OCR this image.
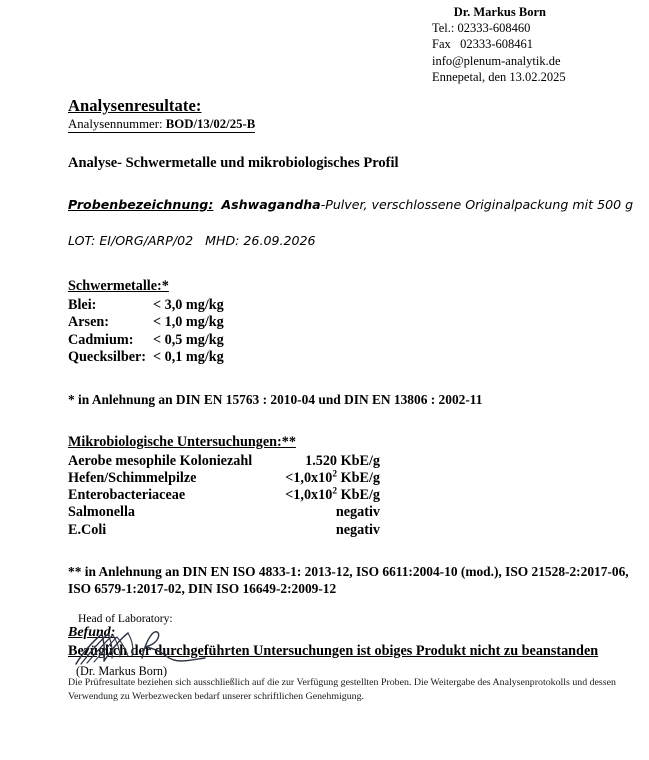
Dr. Markus Born
Tel.: 02333-608460
Fax   02333-608461
info@plenum-analytik.de
Ennepetal, den 13.02.2025
Analysenresultate:
Analysennummer: BOD/13/02/25-B
Analyse- Schwermetalle und mikrobiologisches Profil
Probenbezeichnung: Ashwagandha-Pulver, verschlossene Originalpackung mit 500 g
LOT: EI/ORG/ARP/02   MHD: 26.09.2026
Schwermetalle:*
Blei:	< 3,0 mg/kg
Arsen:	< 1,0 mg/kg
Cadmium:	< 0,5 mg/kg
Quecksilber:	< 0,1 mg/kg
* in Anlehnung an DIN EN 15763 : 2010-04 und DIN EN 13806 : 2002-11
Mikrobiologische Untersuchungen:**
Aerobe mesophile Koloniezahl	1.520 KbE/g
Hefen/Schimmelpilze	$<1,0x10^2$ KbE/g
Enterobacteriaceae	$<1,0x10^2$ KbE/g
Salmonella	negativ
E.Coli	negativ
** in Anlehnung an DIN EN ISO 4833-1: 2013-12, ISO 6611:2004-10 (mod.), ISO 21528-2:2017-06, ISO 6579-1:2017-02, DIN ISO 16649-2:2009-12
Befund:
Bezüglich der durchgeführten Untersuchungen ist obiges Produkt nicht zu beanstanden
Head of Laboratory:
(Dr. Markus Born)
Die Prüfresultate beziehen sich ausschließlich auf die zur Verfügung gestellten Proben. Die Weitergabe des Analysenprotokolls und dessen Verwendung zu Werbezwecken bedarf unserer schriftlichen Genehmigung.
